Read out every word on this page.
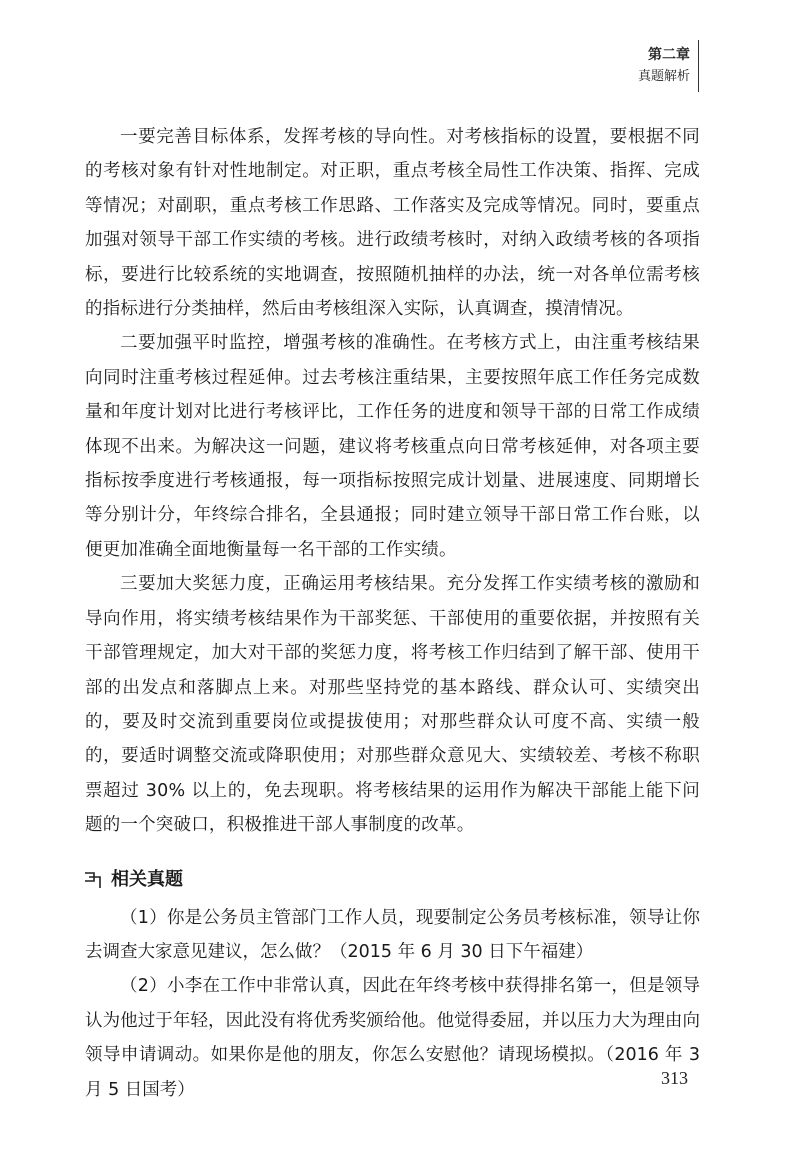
第二章
真题解析

一要完善目标体系，发挥考核的导向性。对考核指标的设置，要根据不同的考核对象有针对性地制定。对正职，重点考核全局性工作决策、指挥、完成等情况；对副职，重点考核工作思路、工作落实及完成等情况。同时，要重点加强对领导干部工作实绩的考核。进行政绩考核时，对纳入政绩考核的各项指标，要进行比较系统的实地调查，按照随机抽样的办法，统一对各单位需考核的指标进行分类抽样，然后由考核组深入实际，认真调查，摸清情况。

二要加强平时监控，增强考核的准确性。在考核方式上，由注重考核结果向同时注重考核过程延伸。过去考核注重结果，主要按照年底工作任务完成数量和年度计划对比进行考核评比，工作任务的进度和领导干部的日常工作成绩体现不出来。为解决这一问题，建议将考核重点向日常考核延伸，对各项主要指标按季度进行考核通报，每一项指标按照完成计划量、进展速度、同期增长等分别计分，年终综合排名，全县通报；同时建立领导干部日常工作台账，以便更加准确全面地衡量每一名干部的工作实绩。

三要加大奖惩力度，正确运用考核结果。充分发挥工作实绩考核的激励和导向作用，将实绩考核结果作为干部奖惩、干部使用的重要依据，并按照有关干部管理规定，加大对干部的奖惩力度，将考核工作归结到了解干部、使用干部的出发点和落脚点上来。对那些坚持党的基本路线、群众认可、实绩突出的，要及时交流到重要岗位或提拔使用；对那些群众认可度不高、实绩一般的，要适时调整交流或降职使用；对那些群众意见大、实绩较差、考核不称职票超过 30% 以上的，免去现职。将考核结果的运用作为解决干部能上能下问题的一个突破口，积极推进干部人事制度的改革。

相关真题

（1）你是公务员主管部门工作人员，现要制定公务员考核标准，领导让你去调查大家意见建议，怎么做？（2015 年 6 月 30 日下午福建）

（2）小李在工作中非常认真，因此在年终考核中获得排名第一，但是领导认为他过于年轻，因此没有将优秀奖颁给他。他觉得委屈，并以压力大为理由向领导申请调动。如果你是他的朋友，你怎么安慰他？请现场模拟。（2016 年 3 月 5 日国考）

313
